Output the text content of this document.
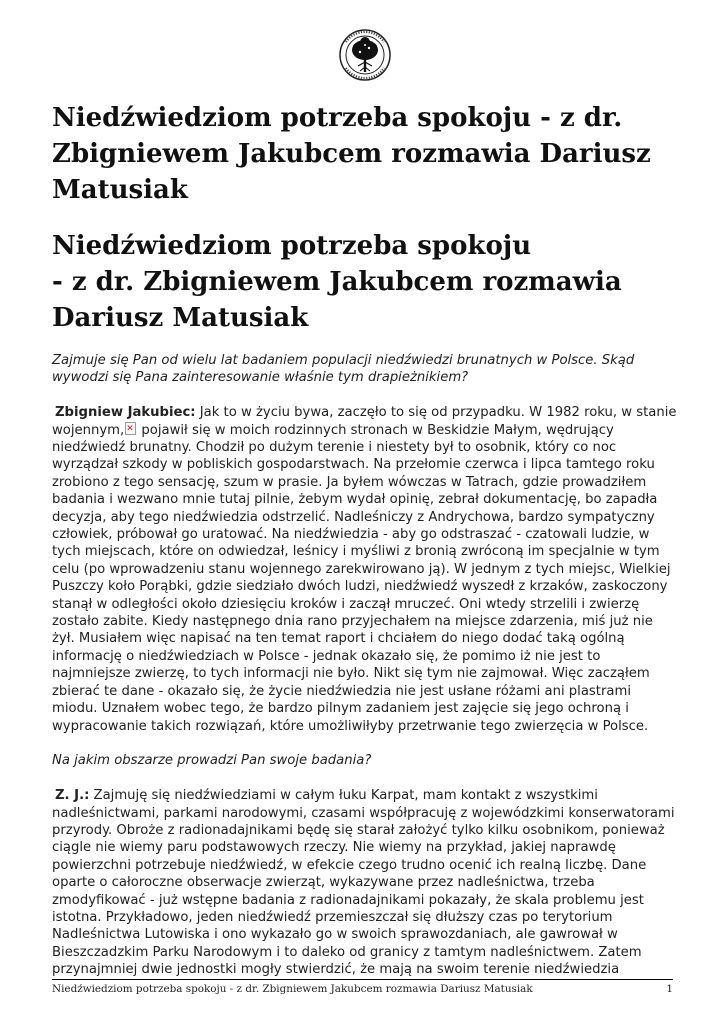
Niedźwiedziom potrzeba spokoju - z dr. Zbigniewem Jakubcem rozmawia Dariusz Matusiak
Niedźwiedziom potrzeba spokoju
- z dr. Zbigniewem Jakubcem rozmawia
Dariusz Matusiak

Zajmuje się Pan od wielu lat badaniem populacji niedźwiedzi brunatnych w Polsce. Skąd wywodzi się Pana zainteresowanie właśnie tym drapieżnikiem?

Zbigniew Jakubiec: Jak to w życiu bywa, zaczęło to się od przypadku. W 1982 roku, w stanie wojennym,✕ pojawił się w moich rodzinnych stronach w Beskidzie Małym, wędrujący niedźwiedź brunatny. Chodził po dużym terenie i niestety był to osobnik, który co noc wyrządzał szkody w pobliskich gospodarstwach. Na przełomie czerwca i lipca tamtego roku zrobiono z tego sensację, szum w prasie. Ja byłem wówczas w Tatrach, gdzie prowadziłem badania i wezwano mnie tutaj pilnie, żebym wydał opinię, zebrał dokumentację, bo zapadła decyzja, aby tego niedźwiedzia odstrzelić. Nadleśniczy z Andrychowa, bardzo sympatyczny człowiek, próbował go uratować. Na niedźwiedzia - aby go odstraszać - czatowali ludzie, w tych miejscach, które on odwiedzał, leśnicy i myśliwi z bronią zwróconą im specjalnie w tym celu (po wprowadzeniu stanu wojennego zarekwirowano ją). W jednym z tych miejsc, Wielkiej Puszczy koło Porąbki, gdzie siedziało dwóch ludzi, niedźwiedź wyszedł z krzaków, zaskoczony stanął w odległości około dziesięciu kroków i zaczął mruczeć. Oni wtedy strzelili i zwierzę zostało zabite. Kiedy następnego dnia rano przyjechałem na miejsce zdarzenia, miś już nie żył. Musiałem więc napisać na ten temat raport i chciałem do niego dodać taką ogólną informację o niedźwiedziach w Polsce - jednak okazało się, że pomimo iż nie jest to najmniejsze zwierzę, to tych informacji nie było. Nikt się tym nie zajmował. Więc zacząłem zbierać te dane - okazało się, że życie niedźwiedzia nie jest usłane różami ani plastrami miodu. Uznałem wobec tego, że bardzo pilnym zadaniem jest zajęcie się jego ochroną i wypracowanie takich rozwiązań, które umożliwiłyby przetrwanie tego zwierzęcia w Polsce.

Na jakim obszarze prowadzi Pan swoje badania?

Z. J.: Zajmuję się niedźwiedziami w całym łuku Karpat, mam kontakt z wszystkimi nadleśnictwami, parkami narodowymi, czasami współpracuję z wojewódzkimi konserwatorami przyrody. Obroże z radionadajnikami będę się starał założyć tylko kilku osobnikom, ponieważ ciągle nie wiemy paru podstawowych rzeczy. Nie wiemy na przykład, jakiej naprawdę powierzchni potrzebuje niedźwiedź, w efekcie czego trudno ocenić ich realną liczbę. Dane oparte o całoroczne obserwacje zwierząt, wykazywane przez nadleśnictwa, trzeba zmodyfikować - już wstępne badania z radionadajnikami pokazały, że skala problemu jest istotna. Przykładowo, jeden niedźwiedź przemieszczał się dłuższy czas po terytorium Nadleśnictwa Lutowiska i ono wykazało go w swoich sprawozdaniach, ale gawrował w Bieszczadzkim Parku Narodowym i to daleko od granicy z tamtym nadleśnictwem. Zatem przynajmniej dwie jednostki mogły stwierdzić, że mają na swoim terenie niedźwiedzia

Niedźwiedziom potrzeba spokoju - z dr. Zbigniewem Jakubcem rozmawia Dariusz Matusiak	1
